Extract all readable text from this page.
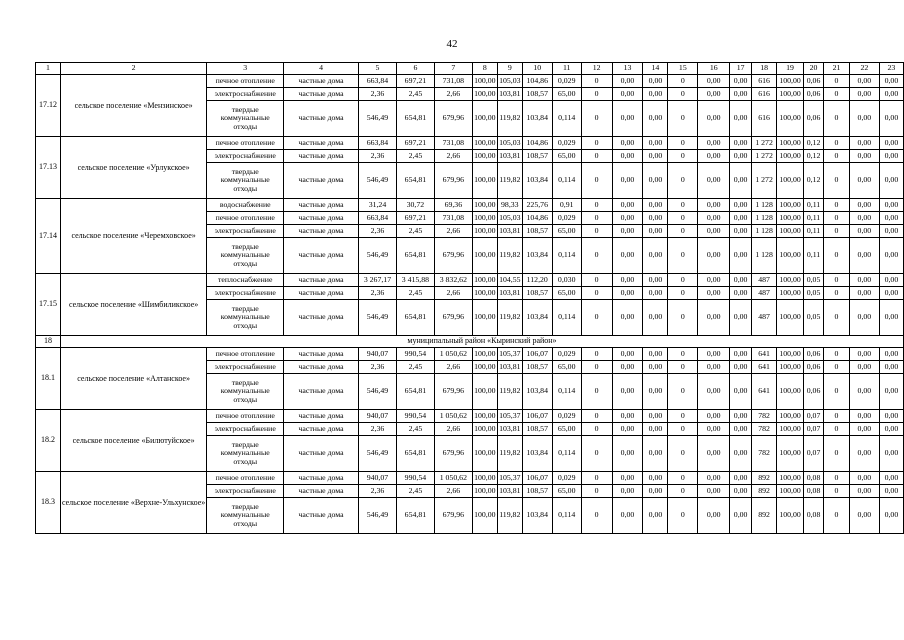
42
1	2	3	4	5	6	7	8	9	10	11	12	13	14	15	16	17	18	19	20	21	22	23
17.12	сельское поселение «Мензинское»	печное отопление	частные дома	663,84	697,21	731,08	100,00	105,03	104,86	0,029	0	0,00	0,00	0	0,00	0,00	616	100,00	0,06	0	0,00	0,00
		электроснабжение	частные дома	2,36	2,45	2,66	100,00	103,81	108,57	65,00	0	0,00	0,00	0	0,00	0,00	616	100,00	0,06	0	0,00	0,00
		твердые коммунальные отходы	частные дома	546,49	654,81	679,96	100,00	119,82	103,84	0,114	0	0,00	0,00	0	0,00	0,00	616	100,00	0,06	0	0,00	0,00
17.13	сельское поселение «Урлукское»	печное отопление	частные дома	663,84	697,21	731,08	100,00	105,03	104,86	0,029	0	0,00	0,00	0	0,00	0,00	1 272	100,00	0,12	0	0,00	0,00
		электроснабжение	частные дома	2,36	2,45	2,66	100,00	103,81	108,57	65,00	0	0,00	0,00	0	0,00	0,00	1 272	100,00	0,12	0	0,00	0,00
		твердые коммунальные отходы	частные дома	546,49	654,81	679,96	100,00	119,82	103,84	0,114	0	0,00	0,00	0	0,00	0,00	1 272	100,00	0,12	0	0,00	0,00
17.14	сельское поселение «Черемховское»	водоснабжение	частные дома	31,24	30,72	69,36	100,00	98,33	225,76	0,91	0	0,00	0,00	0	0,00	0,00	1 128	100,00	0,11	0	0,00	0,00
		печное отопление	частные дома	663,84	697,21	731,08	100,00	105,03	104,86	0,029	0	0,00	0,00	0	0,00	0,00	1 128	100,00	0,11	0	0,00	0,00
		электроснабжение	частные дома	2,36	2,45	2,66	100,00	103,81	108,57	65,00	0	0,00	0,00	0	0,00	0,00	1 128	100,00	0,11	0	0,00	0,00
		твердые коммунальные отходы	частные дома	546,49	654,81	679,96	100,00	119,82	103,84	0,114	0	0,00	0,00	0	0,00	0,00	1 128	100,00	0,11	0	0,00	0,00
17.15	сельское поселение «Шимбиликское»	теплоснабжение	частные дома	3 267,17	3 415,88	3 832,62	100,00	104,55	112,20	0,030	0	0,00	0,00	0	0,00	0,00	487	100,00	0,05	0	0,00	0,00
		электроснабжение	частные дома	2,36	2,45	2,66	100,00	103,81	108,57	65,00	0	0,00	0,00	0	0,00	0,00	487	100,00	0,05	0	0,00	0,00
		твердые коммунальные отходы	частные дома	546,49	654,81	679,96	100,00	119,82	103,84	0,114	0	0,00	0,00	0	0,00	0,00	487	100,00	0,05	0	0,00	0,00
18	муниципальный район «Кыринский район»																					
18.1	сельское поселение «Алтанское»	печное отопление	частные дома	940,07	990,54	1 050,62	100,00	105,37	106,07	0,029	0	0,00	0,00	0	0,00	0,00	641	100,00	0,06	0	0,00	0,00
		электроснабжение	частные дома	2,36	2,45	2,66	100,00	103,81	108,57	65,00	0	0,00	0,00	0	0,00	0,00	641	100,00	0,06	0	0,00	0,00
		твердые коммунальные отходы	частные дома	546,49	654,81	679,96	100,00	119,82	103,84	0,114	0	0,00	0,00	0	0,00	0,00	641	100,00	0,06	0	0,00	0,00
18.2	сельское поселение «Билютуйское»	печное отопление	частные дома	940,07	990,54	1 050,62	100,00	105,37	106,07	0,029	0	0,00	0,00	0	0,00	0,00	782	100,00	0,07	0	0,00	0,00
		электроснабжение	частные дома	2,36	2,45	2,66	100,00	103,81	108,57	65,00	0	0,00	0,00	0	0,00	0,00	782	100,00	0,07	0	0,00	0,00
		твердые коммунальные отходы	частные дома	546,49	654,81	679,96	100,00	119,82	103,84	0,114	0	0,00	0,00	0	0,00	0,00	782	100,00	0,07	0	0,00	0,00
18.3	сельское поселение «Верхне-Ульхунское»	печное отопление	частные дома	940,07	990,54	1 050,62	100,00	105,37	106,07	0,029	0	0,00	0,00	0	0,00	0,00	892	100,00	0,08	0	0,00	0,00
		электроснабжение	частные дома	2,36	2,45	2,66	100,00	103,81	108,57	65,00	0	0,00	0,00	0	0,00	0,00	892	100,00	0,08	0	0,00	0,00
		твердые коммунальные отходы	частные дома	546,49	654,81	679,96	100,00	119,82	103,84	0,114	0	0,00	0,00	0	0,00	0,00	892	100,00	0,08	0	0,00	0,00
